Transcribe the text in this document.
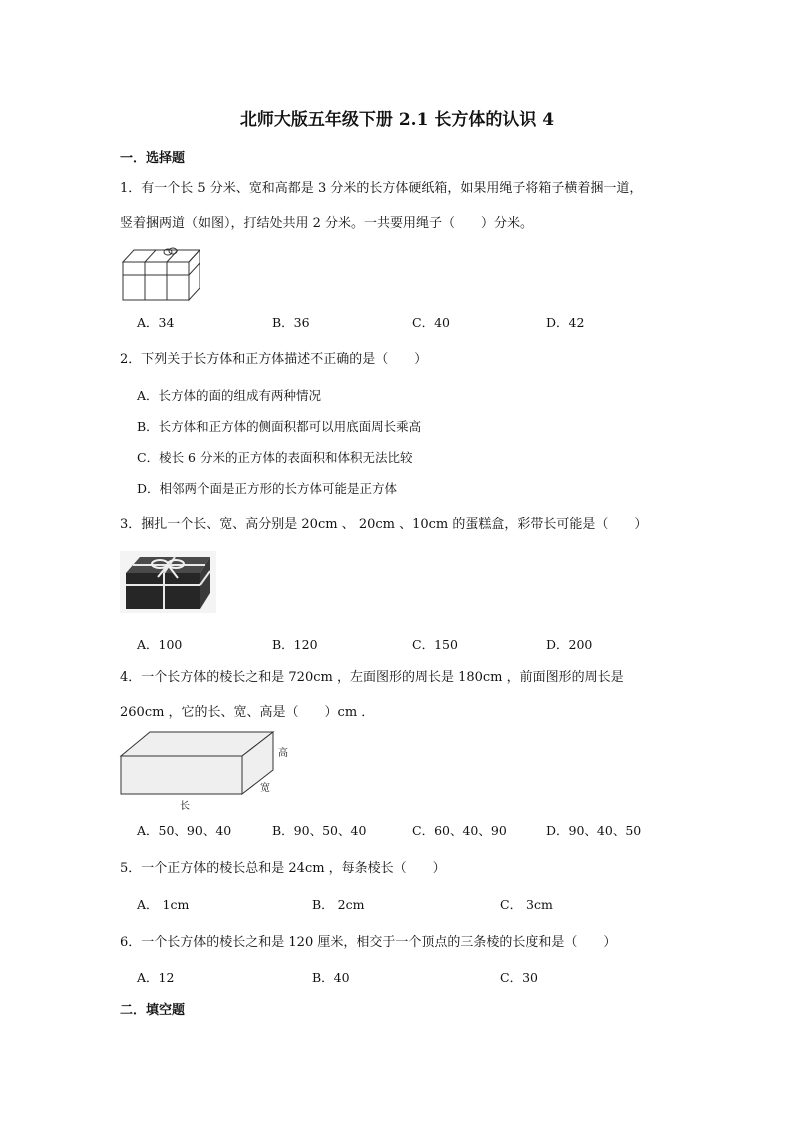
北师大版五年级下册 2.1 长方体的认识 4
一．选择题
1．有一个长 5 分米、宽和高都是 3 分米的长方体硬纸箱，如果用绳子将箱子横着捆一道，
竖着捆两道（如图），打结处共用 2 分米。一共要用绳子（　　）分米。
A．34	B．36	C．40	D．42
2．下列关于长方体和正方体描述不正确的是（　　）
A．长方体的面的组成有两种情况
B．长方体和正方体的侧面积都可以用底面周长乘高
C．棱长 6 分米的正方体的表面积和体积无法比较
D．相邻两个面是正方形的长方体可能是正方体
3．捆扎一个长、宽、高分别是 20cm 、 20cm 、10cm 的蛋糕盒，彩带长可能是（　　）
A．100	B．120	C．150	D．200
4．一个长方体的棱长之和是 720cm ，左面图形的周长是 180cm ，前面图形的周长是
260cm ，它的长、宽、高是（　　）cm ．
高
宽
长
A．50、90、40	B．90、50、40	C．60、40、90	D．90、40、50
5．一个正方体的棱长总和是 24cm ，每条棱长（　　）
A． 1cm	B． 2cm	C． 3cm
6．一个长方体的棱长之和是 120 厘米，相交于一个顶点的三条棱的长度和是（　　）
A．12	B．40	C．30
二．填空题
